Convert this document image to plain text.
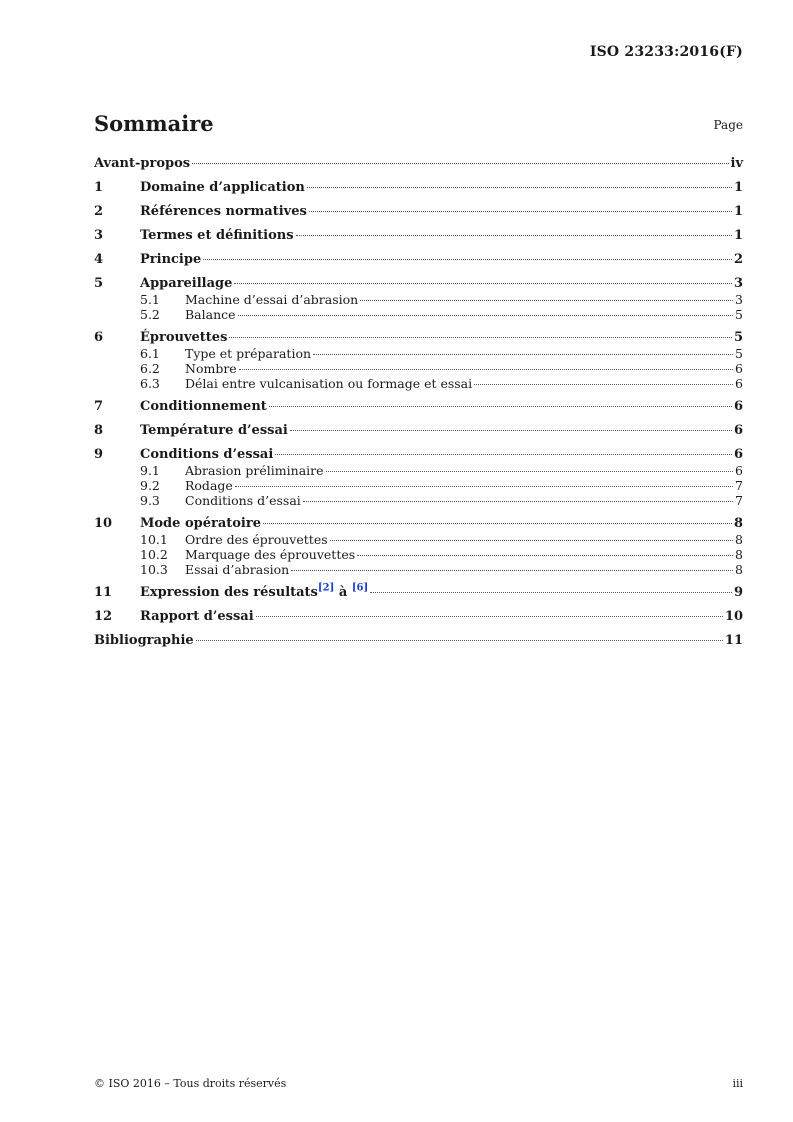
ISO 23233:2016(F)
Sommaire	Page
Avant-propos	iv
1	Domaine d’application	1
2	Références normatives	1
3	Termes et définitions	1
4	Principe	2
5	Appareillage	3
5.1	Machine d’essai d’abrasion	3
5.2	Balance	5
6	Éprouvettes	5
6.1	Type et préparation	5
6.2	Nombre	6
6.3	Délai entre vulcanisation ou formage et essai	6
7	Conditionnement	6
8	Température d’essai	6
9	Conditions d’essai	6
9.1	Abrasion préliminaire	6
9.2	Rodage	7
9.3	Conditions d’essai	7
10	Mode opératoire	8
10.1	Ordre des éprouvettes	8
10.2	Marquage des éprouvettes	8
10.3	Essai d’abrasion	8
11	Expression des résultats[2] à [6]	9
12	Rapport d’essai	10
Bibliographie	11
© ISO 2016 – Tous droits réservés	iii
